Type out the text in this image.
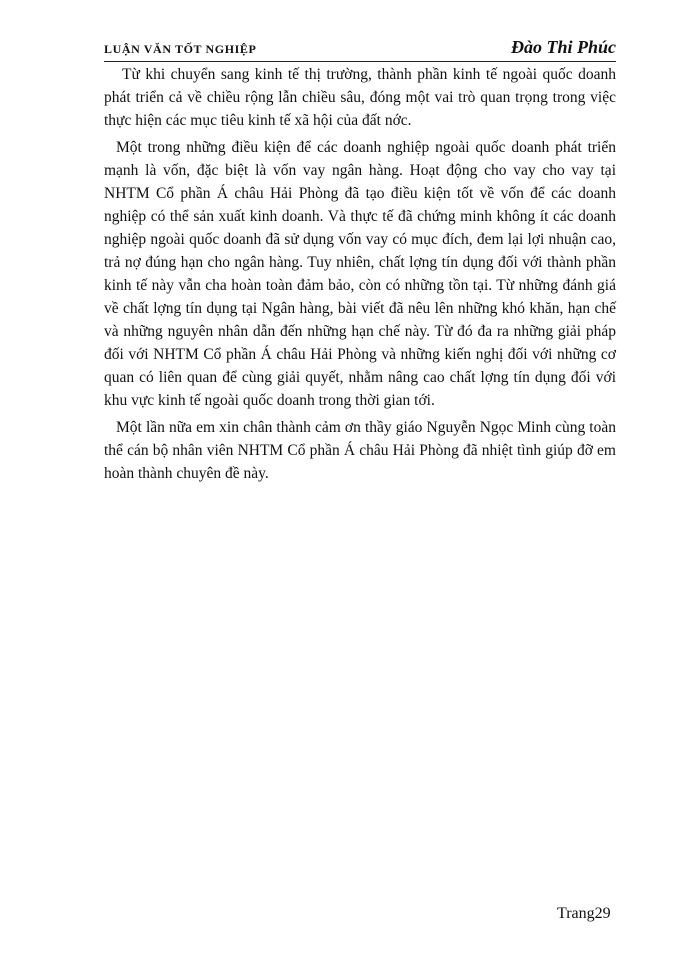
LUẬN VĂN TỐT NGHIỆP	Đào Thi Phúc

Từ khi chuyển sang kinh tế thị trường, thành phần kinh tế ngoài quốc doanh phát triển cả về chiều rộng lẫn chiều sâu, đóng một vai trò quan trọng trong việc thực hiện các mục tiêu kinh tế xã hội của đất nớc.

Một trong những điều kiện để các doanh nghiệp ngoài quốc doanh phát triển mạnh là vốn, đặc biệt là vốn vay ngân hàng. Hoạt động cho vay cho vay tại NHTM Cổ phần Á châu Hải Phòng đã tạo điều kiện tốt về vốn để các doanh nghiệp có thể sản xuất kinh doanh. Và thực tế đã chứng minh không ít các doanh nghiệp ngoài quốc doanh đã sử dụng vốn vay có mục đích, đem lại lợi nhuận cao, trả nợ đúng hạn cho ngân hàng. Tuy nhiên, chất lợng tín dụng đối với thành phần kinh tế này vẫn cha hoàn toàn đảm bảo, còn có những tồn tại. Từ những đánh giá về chất lợng tín dụng tại Ngân hàng, bài viết đã nêu lên những khó khăn, hạn chế và những nguyên nhân dẫn đến những hạn chế này. Từ đó đa ra những giải pháp đối với NHTM Cổ phần Á châu Hải Phòng và những kiến nghị đối với những cơ quan có liên quan để cùng giải quyết, nhằm nâng cao chất lợng tín dụng đối với khu vực kinh tế ngoài quốc doanh trong thời gian tới.

Một lần nữa em xin chân thành cảm ơn thầy giáo Nguyễn Ngọc Minh cùng toàn thể cán bộ nhân viên NHTM Cổ phần Á châu Hải Phòng đã nhiệt tình giúp đỡ em hoàn thành chuyên đề này.

Trang29
